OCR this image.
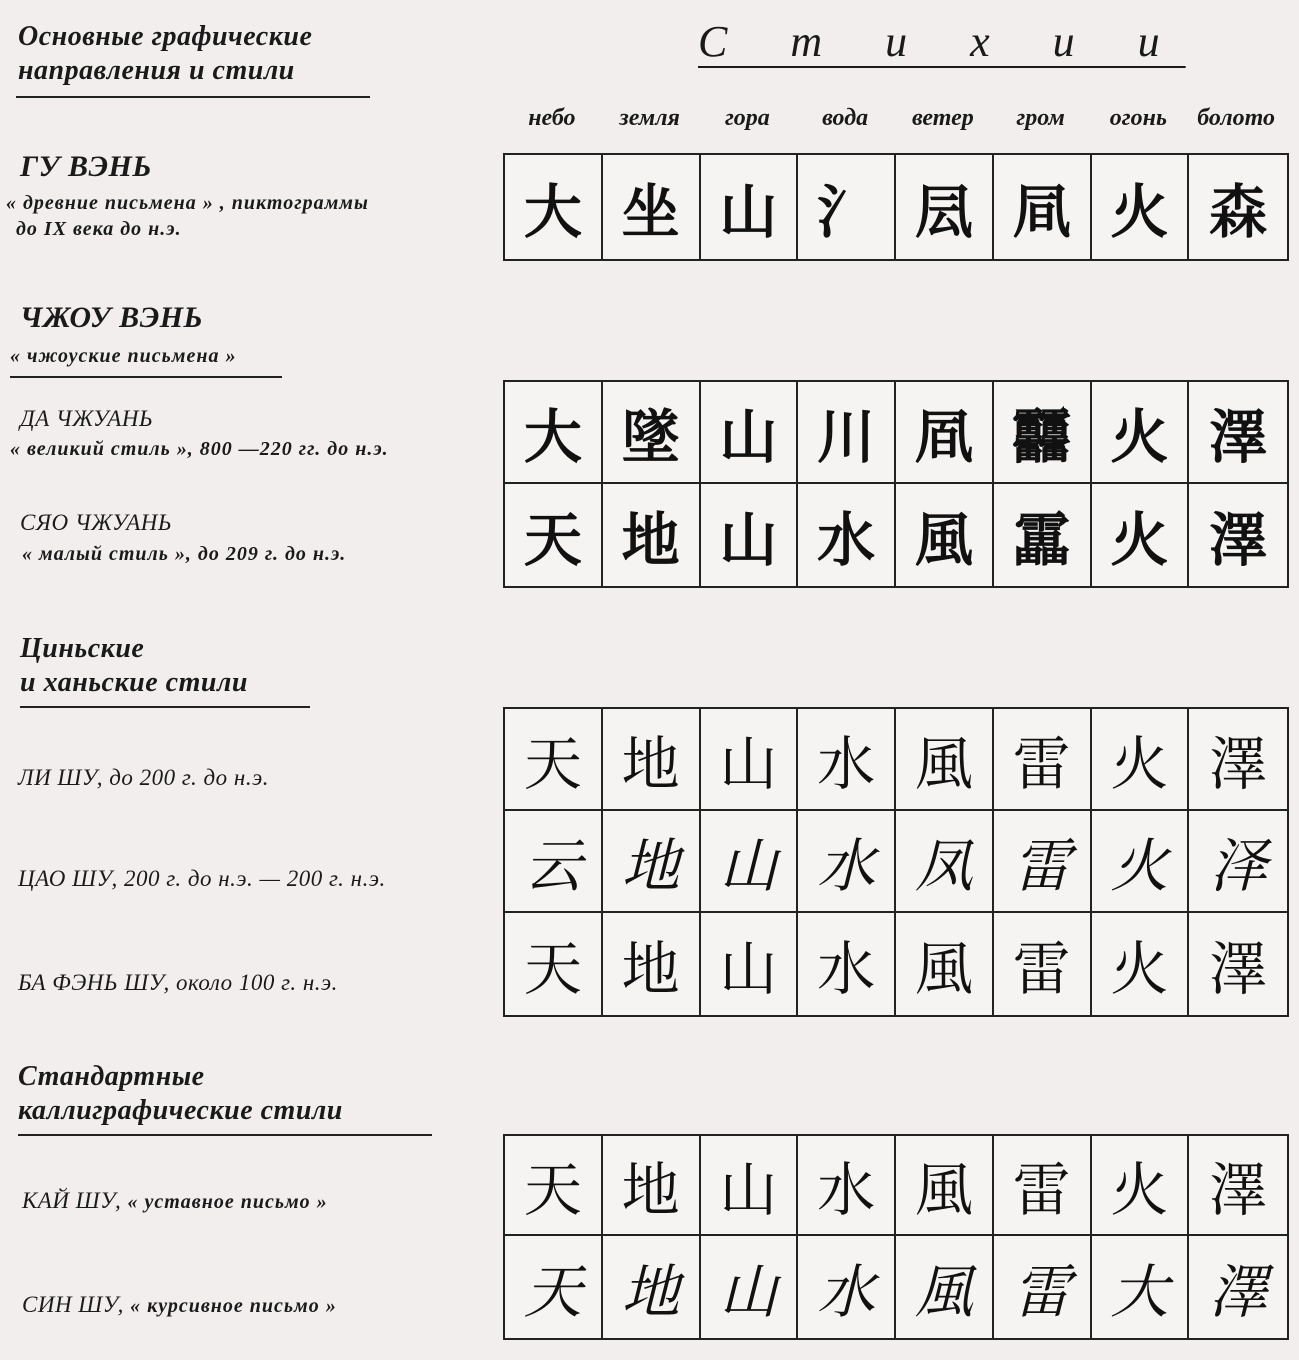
Основные графические
направления и стили
С т и х и и
небо	земля	гора	вода	ветер	гром	огонь	болото
ГУ ВЭНЬ
« древние письмена » , пиктограммы
до IX века до н.э.	大 坐 山 氵 凨 凬 火 森
ЧЖОУ ВЭНЬ
« чжоуские письмена »
ДА ЧЖУАНЬ
« великий стиль », 800 —220 гг. до н.э.
СЯО ЧЖУАНЬ
« малый стиль », до 209 г. до н.э.
大 墜 山 川 凮 䨻 火 澤
天 地 山 水 風 靁 火 澤
Циньские
и ханьские стили
ЛИ ШУ, до 200 г. до н.э.
ЦАО ШУ, 200 г. до н.э. — 200 г. н.э.
БА ФЭНЬ ШУ, около 100 г. н.э.
天 地 山 水 風 雷 火 澤
云 地 山 水 凤 雷 火 泽
天 地 山 水 風 雷 火 澤
Стандартные
каллиграфические стили
КАЙ ШУ, « уставное письмо »
СИН ШУ, « курсивное письмо »
天 地 山 水 風 雷 火 澤
天 地 山 水 風 雷 大 澤
